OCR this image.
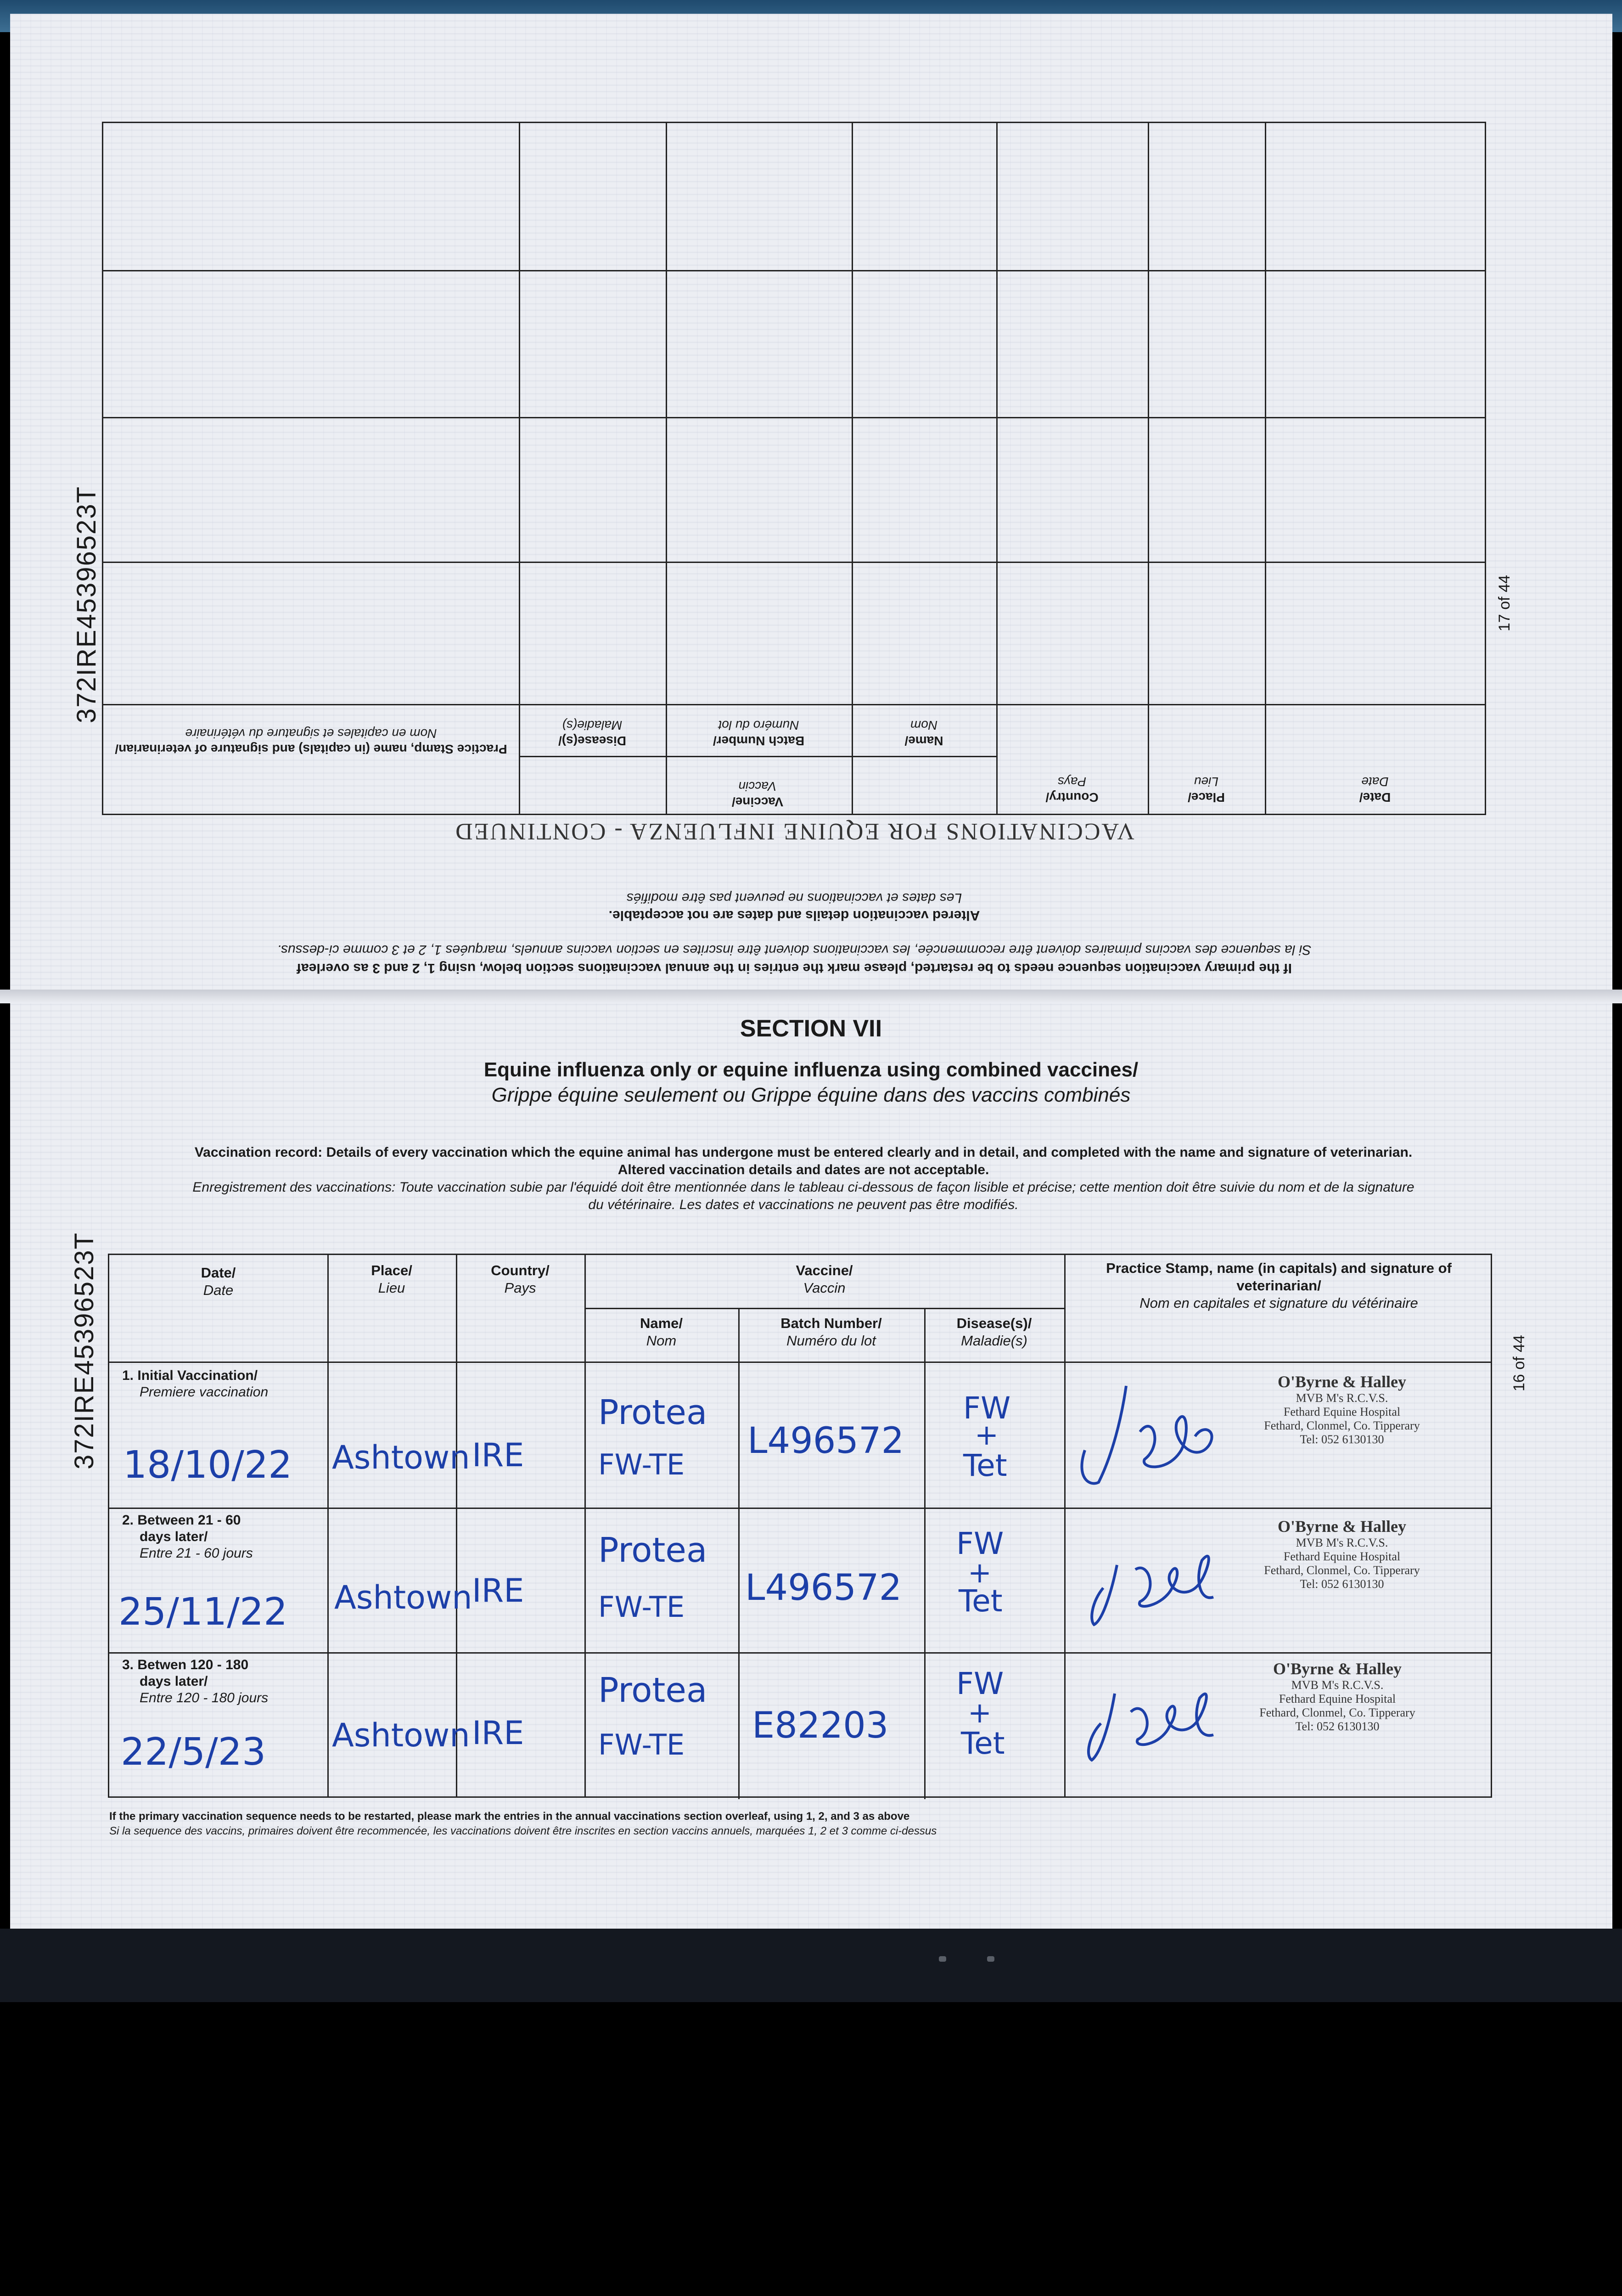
Practice Stamp, name (in capitals) and signature of veterinarian/
Nom en capitales et signature du vétérinaire
Disease(s)/
Maladie(s)
Batch Number/
Numéro du lot
Name/
Nom
Vaccine/
Vaccin
Country/
Pays
Place/
Lieu
Date/
Date
If the primary vaccination sequence needs to be restarted, please mark the entries in the annual vaccinations section below, using 1, 2 and 3 as overleaf
Si la sequence des vaccins primaires doivent être recommencée, les vaccinations doivent être inscrites en section vaccins annuels, marquées 1, 2 et 3 comme ci-dessus.
Altered vaccination details and dates are not acceptable.
Les dates et vaccinations ne peuvent pas être modifiés
VACCINATIONS FOR EQUINE INFLUENZA - CONTINUED
372IRE45396523T	17 of 44
SECTION VII
Equine influenza only or equine influenza using combined vaccines/
Grippe équine seulement ou Grippe équine dans des vaccins combinés
Vaccination record: Details of every vaccination which the equine animal has undergone must be entered clearly and in detail, and completed with the name and signature of veterinarian.
Altered vaccination details and dates are not acceptable.
Enregistrement des vaccinations: Toute vaccination subie par l'équidé doit être mentionnée dans le tableau ci-dessous de façon lisible et précise; cette mention doit être suivie du nom et de la signature
du vétérinaire. Les dates et vaccinations ne peuvent pas être modifiés.
372IRE45396523T	16 of 44
Date/
Date
Place/
Lieu
Country/
Pays
Vaccine/
Vaccin
Name/
Nom
Batch Number/
Numéro du lot
Disease(s)/
Maladie(s)
Practice Stamp, name (in capitals) and signature of
veterinarian/
Nom en capitales et signature du vétérinaire
1. Initial Vaccination/
Premiere vaccination
18/10/22 Ashtown IRE
Protea
FW-TE
L496572
FW
+
Tet
O'Byrne & Halley
MVB M's R.C.V.S.
Fethard Equine Hospital
Fethard, Clonmel, Co. Tipperary
Tel: 052 6130130
2. Between 21 - 60
days later/
Entre 21 - 60 jours
25/11/22 Ashtown IRE
Protea
FW-TE L496572
FW
+
Tet
O'Byrne & Halley
MVB M's R.C.V.S.
Fethard Equine Hospital
Fethard, Clonmel, Co. Tipperary
Tel: 052 6130130
3. Betwen 120 - 180
days later/
Entre 120 - 180 jours
22/5/23 Ashtown IRE
Protea
FW-TE E82203
FW
+
Tet
O'Byrne & Halley
MVB M's R.C.V.S.
Fethard Equine Hospital
Fethard, Clonmel, Co. Tipperary
Tel: 052 6130130
If the primary vaccination sequence needs to be restarted, please mark the entries in the annual vaccinations section overleaf, using 1, 2, and 3 as above
Si la sequence des vaccins, primaires doivent être recommencée, les vaccinations doivent être inscrites en section vaccins annuels, marquées 1, 2 et 3 comme ci-dessus
